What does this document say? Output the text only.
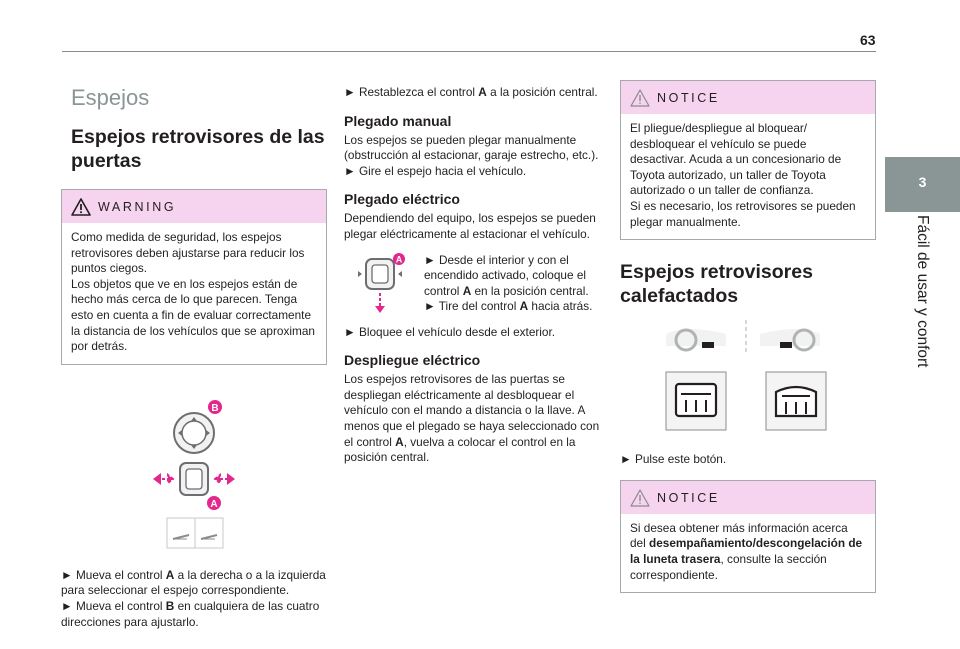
63
3
Fácil de usar y confort
Espejos
Espejos retrovisores de las puertas
WARNING
Como medida de seguridad, los espejos retrovisores deben ajustarse para reducir los puntos ciegos.
Los objetos que ve en los espejos están de hecho más cerca de lo que parecen. Tenga esto en cuenta a fin de evaluar correctamente la distancia de los vehículos que se aproximan por detrás.
B
A
► Mueva el control A a la derecha o a la izquierda para seleccionar el espejo correspondiente.
► Mueva el control B en cualquiera de las cuatro direcciones para ajustarlo.
► Restablezca el control A a la posición central.
Plegado manual
Los espejos se pueden plegar manualmente (obstrucción al estacionar, garaje estrecho, etc.).
► Gire el espejo hacia el vehículo.
Plegado eléctrico
Dependiendo del equipo, los espejos se pueden plegar eléctricamente al estacionar el vehículo.
A ► Desde el interior y con el encendido activado, coloque el control A en la posición central.
► Tire del control A hacia atrás.
► Bloquee el vehículo desde el exterior.
Despliegue eléctrico
Los espejos retrovisores de las puertas se despliegan eléctricamente al desbloquear el vehículo con el mando a distancia o la llave. A menos que el plegado se haya seleccionado con el control A, vuelva a colocar el control en la posición central.
NOTICE
El pliegue/despliegue al bloquear/ desbloquear el vehículo se puede desactivar. Acuda a un concesionario de Toyota autorizado, un taller de Toyota autorizado o un taller de confianza.
Si es necesario, los retrovisores se pueden plegar manualmente.
Espejos retrovisores calefactados
► Pulse este botón.
NOTICE
Si desea obtener más información acerca del desempañamiento/descongelación de la luneta trasera, consulte la sección correspondiente.
